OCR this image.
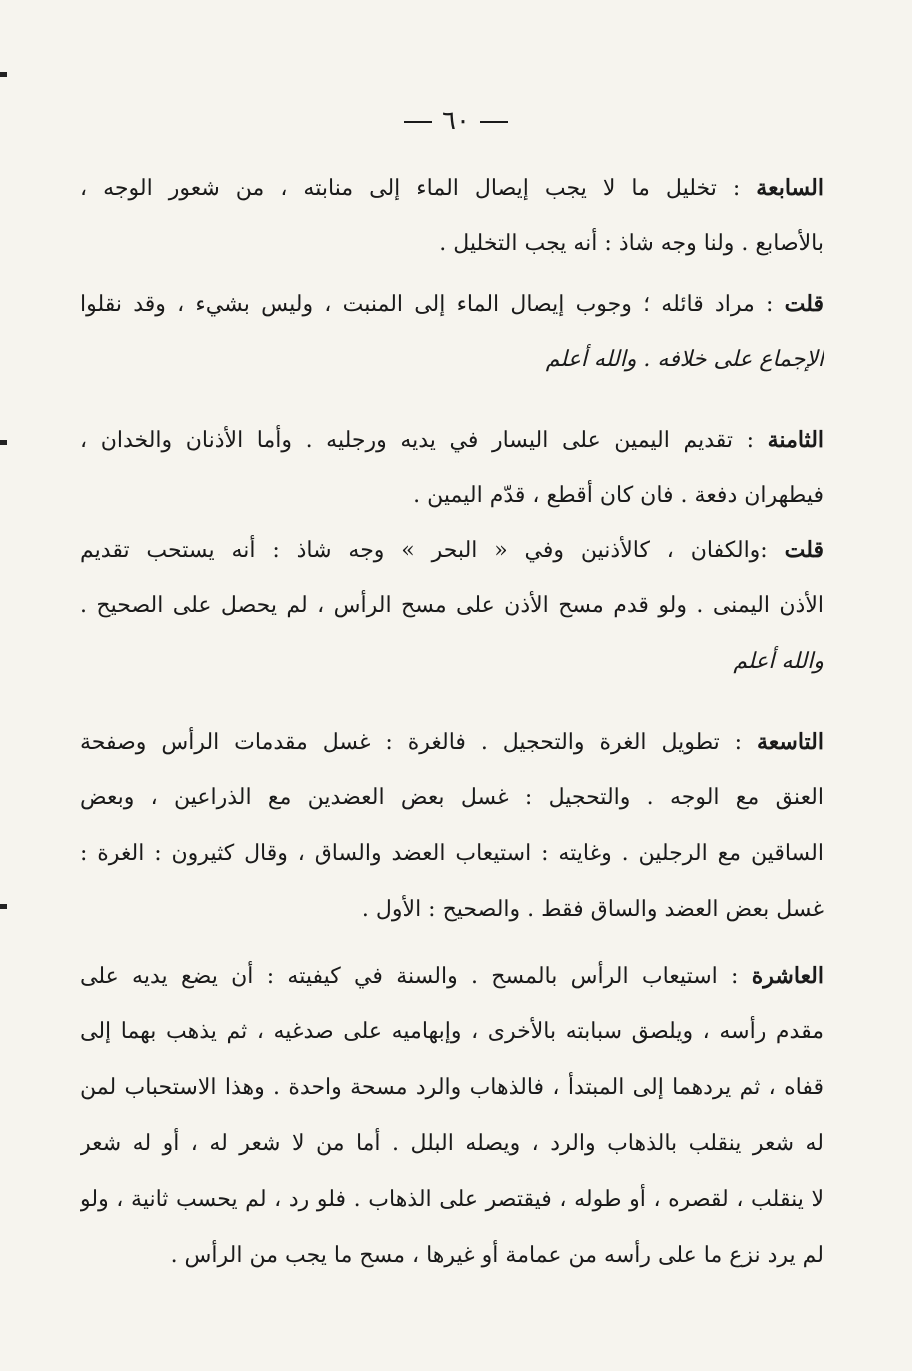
٦٠
السابعة : تخليل ما لا يجب إيصال الماء إلى منابته ، من شعور الوجه ،
بالأصابع . ولنا وجه شاذ : أنه يجب التخليل .
قلت : مراد قائله ؛ وجوب إيصال الماء إلى المنبت ، وليس بشيء ، وقد نقلوا
الإجماع على خلافه . والله أعلم
الثامنة : تقديم اليمين على اليسار في يديه ورجليه . وأما الأذنان والخدان ،
فيطهران دفعة . فان كان أقطع ، قدّم اليمين .
قلت :والكفان ، كالأذنين وفي « البحر » وجه شاذ : أنه يستحب تقديم
الأذن اليمنى . ولو قدم مسح الأذن على مسح الرأس ، لم يحصل على الصحيح .
والله أعلم
التاسعة : تطويل الغرة والتحجيل . فالغرة : غسل مقدمات الرأس وصفحة
العنق مع الوجه . والتحجيل : غسل بعض العضدين مع الذراعين ، وبعض
الساقين مع الرجلين . وغايته : استيعاب العضد والساق ، وقال كثيرون : الغرة :
غسل بعض العضد والساق فقط . والصحيح : الأول .
العاشرة : استيعاب الرأس بالمسح . والسنة في كيفيته : أن يضع يديه على
مقدم رأسه ، ويلصق سبابته بالأخرى ، وإبهاميه على صدغيه ، ثم يذهب بهما إلى
قفاه ، ثم يردهما إلى المبتدأ ، فالذهاب والرد مسحة واحدة . وهذا الاستحباب لمن
له شعر ينقلب بالذهاب والرد ، ويصله البلل . أما من لا شعر له ، أو له شعر
لا ينقلب ، لقصره ، أو طوله ، فيقتصر على الذهاب . فلو رد ، لم يحسب ثانية ، ولو
لم يرد نزع ما على رأسه من عمامة أو غيرها ، مسح ما يجب من الرأس .
